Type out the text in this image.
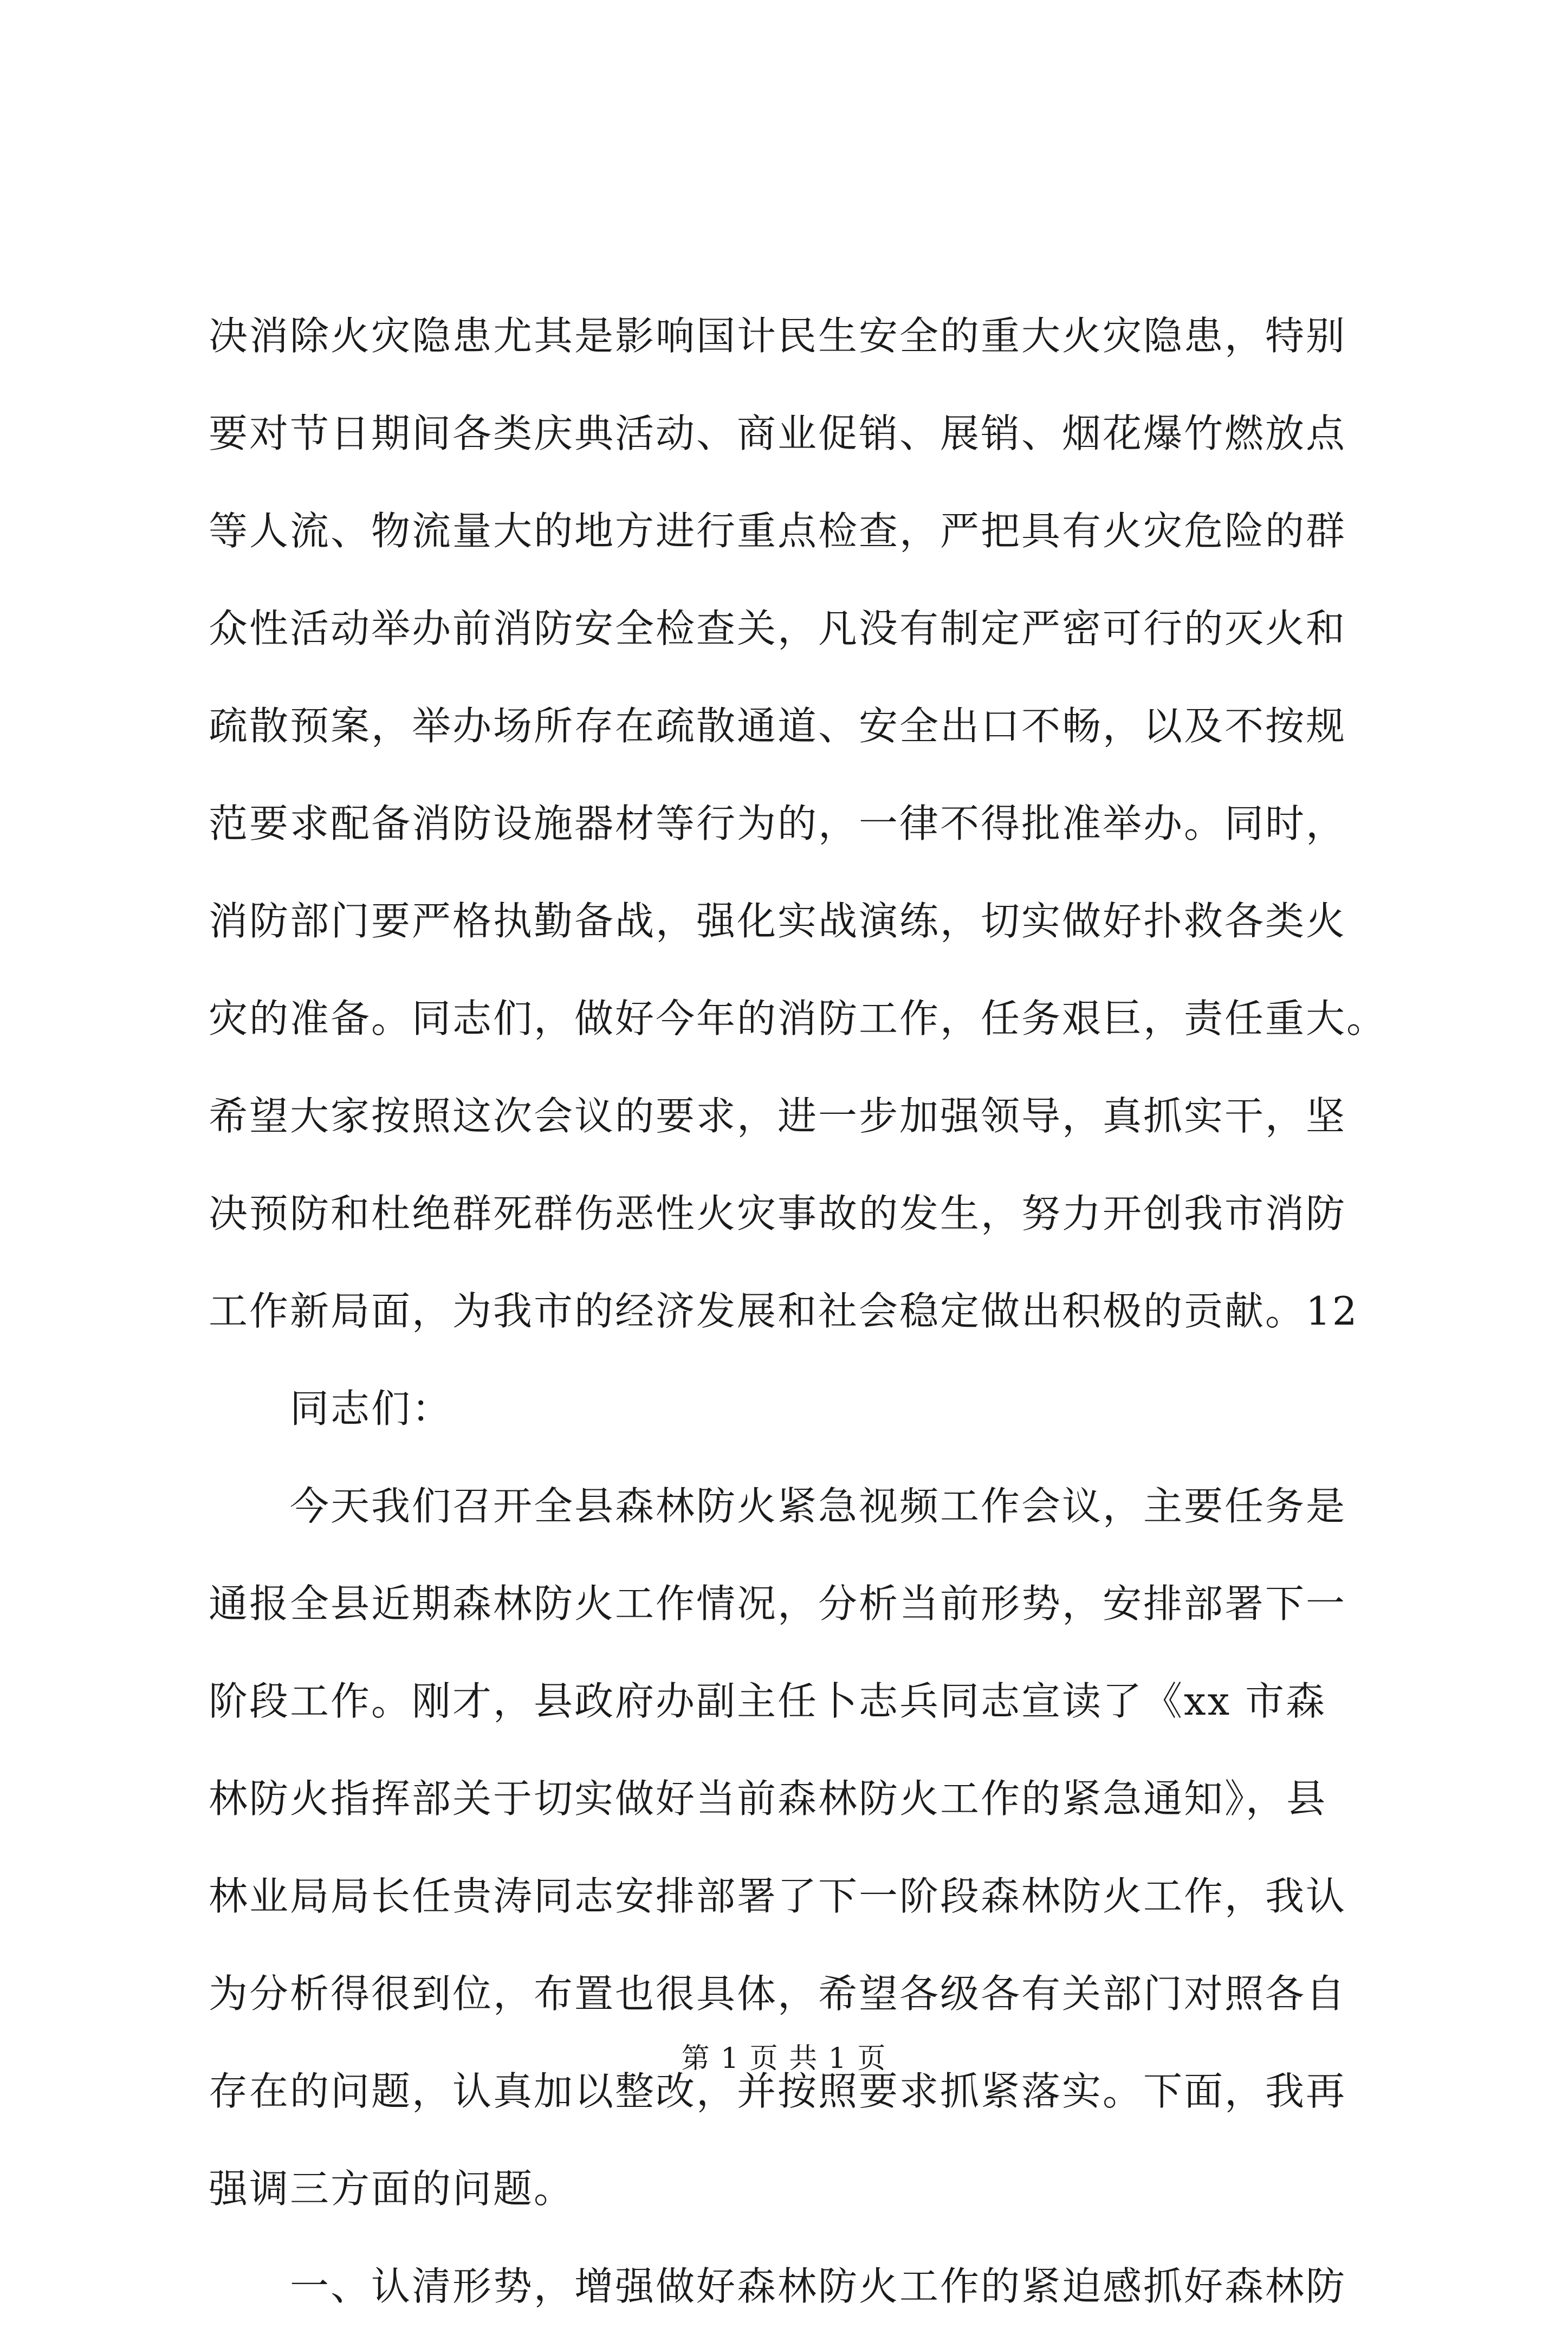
决消除火灾隐患尤其是影响国计民生安全的重大火灾隐患，特别
要对节日期间各类庆典活动、商业促销、展销、烟花爆竹燃放点
等人流、物流量大的地方进行重点检查，严把具有火灾危险的群
众性活动举办前消防安全检查关，凡没有制定严密可行的灭火和
疏散预案，举办场所存在疏散通道、安全出口不畅，以及不按规
范要求配备消防设施器材等行为的，一律不得批准举办。同时，
消防部门要严格执勤备战，强化实战演练，切实做好扑救各类火
灾的准备。同志们，做好今年的消防工作，任务艰巨，责任重大。
希望大家按照这次会议的要求，进一步加强领导，真抓实干，坚
决预防和杜绝群死群伤恶性火灾事故的发生，努力开创我市消防
工作新局面，为我市的经济发展和社会稳定做出积极的贡献。12
同志们：
今天我们召开全县森林防火紧急视频工作会议，主要任务是
通报全县近期森林防火工作情况，分析当前形势，安排部署下一
阶段工作。刚才，县政府办副主任卜志兵同志宣读了《xx 市森
林防火指挥部关于切实做好当前森林防火工作的紧急通知》，县
林业局局长任贵涛同志安排部署了下一阶段森林防火工作，我认
为分析得很到位，布置也很具体，希望各级各有关部门对照各自
存在的问题，认真加以整改，并按照要求抓紧落实。下面，我再
强调三方面的问题。
一、认清形势，增强做好森林防火工作的紧迫感抓好森林防
第 1 页 共 1 页
